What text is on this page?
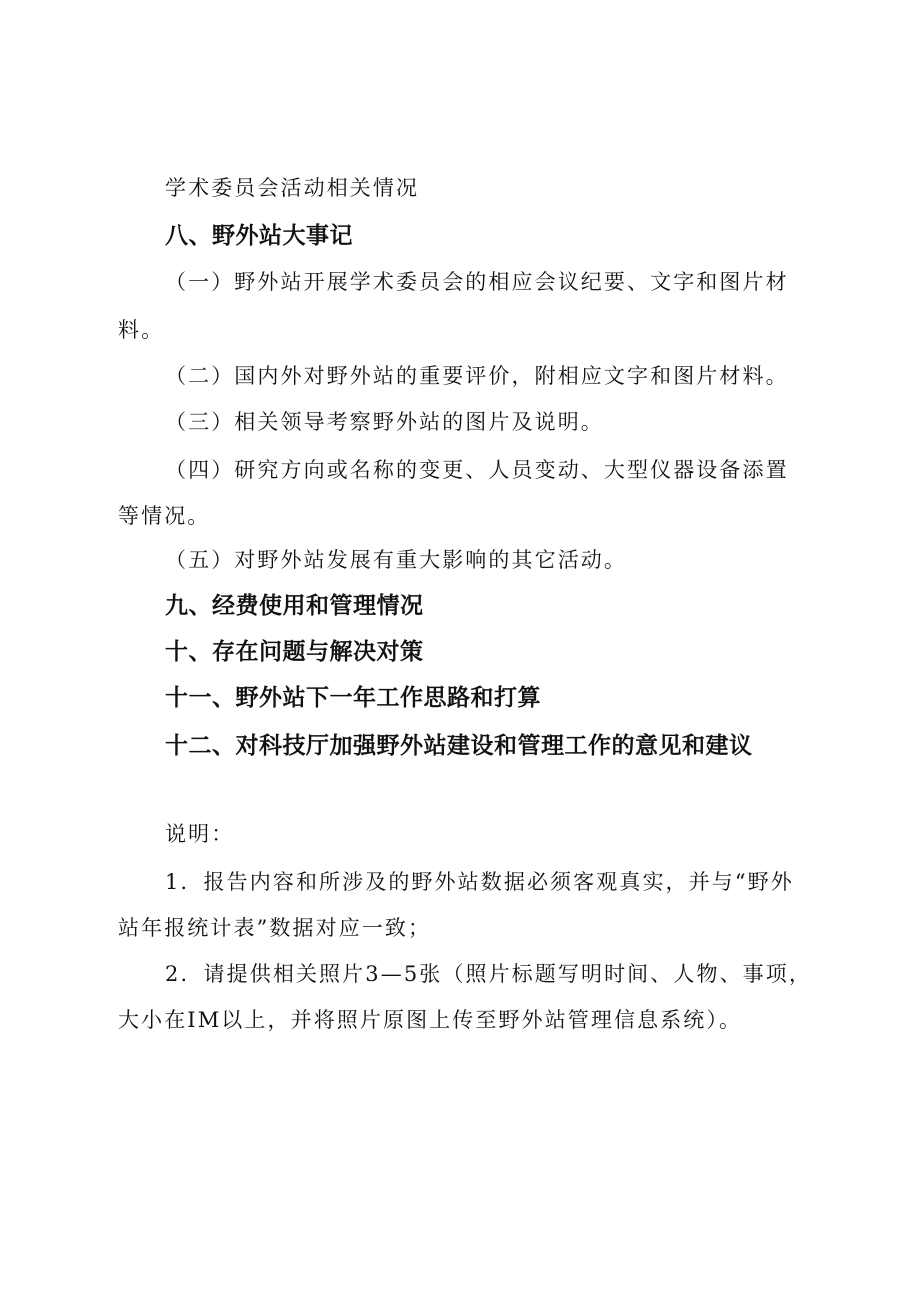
学术委员会活动相关情况
八、野外站大事记
（一）野外站开展学术委员会的相应会议纪要、文字和图片材
料。
（二）国内外对野外站的重要评价，附相应文字和图片材料。
（三）相关领导考察野外站的图片及说明。
（四）研究方向或名称的变更、人员变动、大型仪器设备添置
等情况。
（五）对野外站发展有重大影响的其它活动。
九、经费使用和管理情况
十、存在问题与解决对策
十一、野外站下一年工作思路和打算
十二、对科技厅加强野外站建设和管理工作的意见和建议
说明：
1．报告内容和所涉及的野外站数据必须客观真实，并与“野外
站年报统计表”数据对应一致；
2．请提供相关照片3—5张（照片标题写明时间、人物、事项，
大小在IM以上，并将照片原图上传至野外站管理信息系统）。
